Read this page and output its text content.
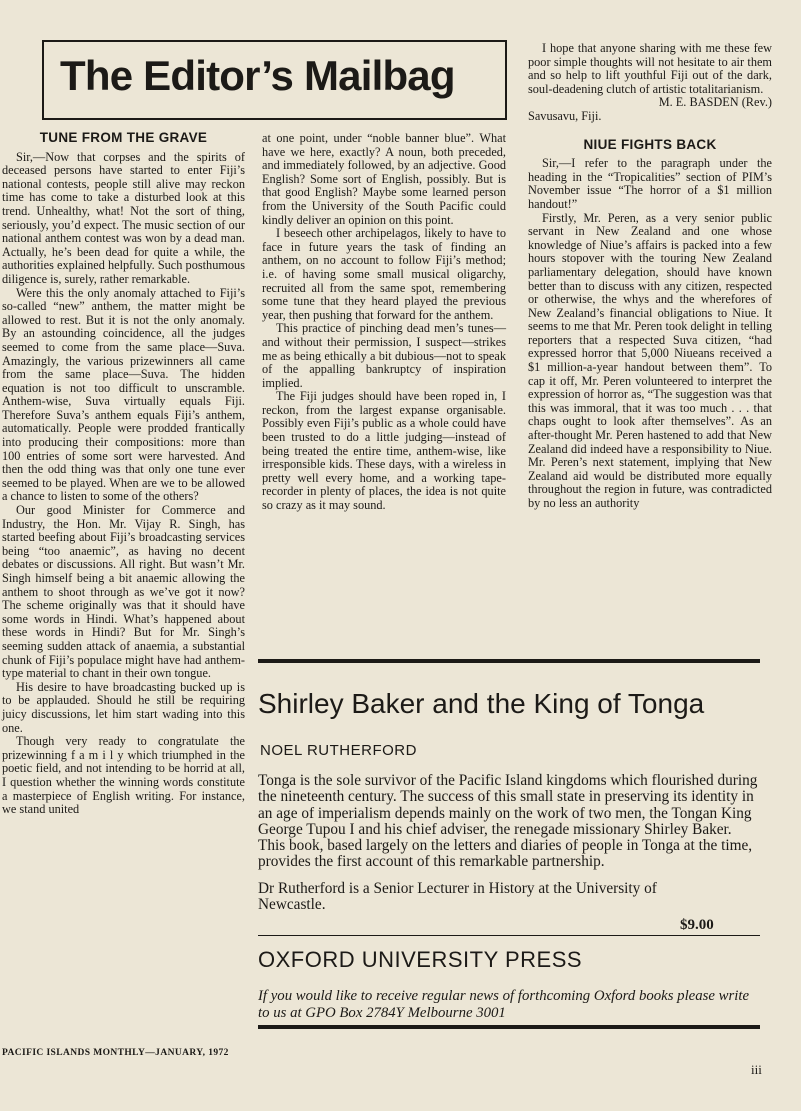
The Editor’s Mailbag
TUNE FROM THE GRAVE

Sir,—Now that corpses and the spirits of deceased persons have started to enter Fiji’s national contests, people still alive may reckon time has come to take a disturbed look at this trend. Unhealthy, what! Not the sort of thing, seriously, you’d expect. The music section of our national anthem contest was won by a dead man. Actually, he’s been dead for quite a while, the authorities explained helpfully. Such posthumous diligence is, surely, rather remarkable.

Were this the only anomaly attached to Fiji’s so-called “new” anthem, the matter might be allowed to rest. But it is not the only anomaly. By an astounding coincidence, all the judges seemed to come from the same place—Suva. Amazingly, the various prizewinners all came from the same place—Suva. The hidden equation is not too difficult to unscramble. Anthem-wise, Suva virtually equals Fiji. Therefore Suva’s anthem equals Fiji’s anthem, automatically. People were prodded frantically into producing their compositions: more than 100 entries of some sort were harvested. And then the odd thing was that only one tune ever seemed to be played. When are we to be allowed a chance to listen to some of the others?

Our good Minister for Commerce and Industry, the Hon. Mr. Vijay R. Singh, has started beefing about Fiji’s broadcasting services being “too anaemic”, as having no decent debates or discussions. All right. But wasn’t Mr. Singh himself being a bit anaemic allowing the anthem to shoot through as we’ve got it now? The scheme originally was that it should have some words in Hindi. What’s happened about these words in Hindi? But for Mr. Singh’s seeming sudden attack of anaemia, a substantial chunk of Fiji’s populace might have had anthem-type material to chant in their own tongue.

His desire to have broadcasting bucked up is to be applauded. Should he still be requiring juicy discussions, let him start wading into this one.

Though very ready to congratulate the prizewinning f a m i l y which triumphed in the poetic field, and not intending to be horrid at all, I question whether the winning words constitute a masterpiece of English writing. For instance, we stand united

at one point, under “noble banner blue”. What have we here, exactly? A noun, both preceded, and immediately followed, by an adjective. Good English? Some sort of English, possibly. But is that good English? Maybe some learned person from the University of the South Pacific could kindly deliver an opinion on this point.

I beseech other archipelagos, likely to have to face in future years the task of finding an anthem, on no account to follow Fiji’s method; i.e. of having some small musical oligarchy, recruited all from the same spot, remembering some tune that they heard played the previous year, then pushing that forward for the anthem.

This practice of pinching dead men’s tunes—and without their permission, I suspect—strikes me as being ethically a bit dubious—not to speak of the appalling bankruptcy of inspiration implied.

The Fiji judges should have been roped in, I reckon, from the largest expanse organisable. Possibly even Fiji’s public as a whole could have been trusted to do a little judging—instead of being treated the entire time, anthem-wise, like irresponsible kids. These days, with a wireless in pretty well every home, and a working tape-recorder in plenty of places, the idea is not quite so crazy as it may sound.

I hope that anyone sharing with me these few poor simple thoughts will not hesitate to air them and so help to lift youthful Fiji out of the dark, soul-deadening clutch of artistic totalitarianism.

M. E. BASDEN (Rev.)

Savusavu, Fiji.

NIUE FIGHTS BACK

Sir,—I refer to the paragraph under the heading in the “Tropicalities” section of PIM’s November issue “The horror of a $1 million handout!”

Firstly, Mr. Peren, as a very senior public servant in New Zealand and one whose knowledge of Niue’s affairs is packed into a few hours stopover with the touring New Zealand parliamentary delegation, should have known better than to discuss with any citizen, respected or otherwise, the whys and the wherefores of New Zealand’s financial obligations to Niue. It seems to me that Mr. Peren took delight in telling reporters that a respected Suva citizen, “had expressed horror that 5,000 Niueans received a $1 million-a-year handout between them”. To cap it off, Mr. Peren volunteered to interpret the expression of horror as, “The suggestion was that this was immoral, that it was too much . . . that chaps ought to look after themselves”. As an after-thought Mr. Peren hastened to add that New Zealand did indeed have a responsibility to Niue. Mr. Peren’s next statement, implying that New Zealand aid would be distributed more equally throughout the region in future, was contradicted by no less an authority

Shirley Baker and the King of Tonga
NOEL RUTHERFORD

Tonga is the sole survivor of the Pacific Island kingdoms which flourished during the nineteenth century. The success of this small state in preserving its identity in an age of imperialism depends mainly on the work of two men, the Tongan King George Tupou I and his chief adviser, the renegade missionary Shirley Baker. This book, based largely on the letters and diaries of people in Tonga at the time, provides the first account of this remarkable partnership.

Dr Rutherford is a Senior Lecturer in History at the University of Newcastle.

$9.00
OXFORD UNIVERSITY PRESS
If you would like to receive regular news of forthcoming Oxford books please write to us at GPO Box 2784Y Melbourne 3001
PACIFIC ISLANDS MONTHLY—JANUARY, 1972
iii
